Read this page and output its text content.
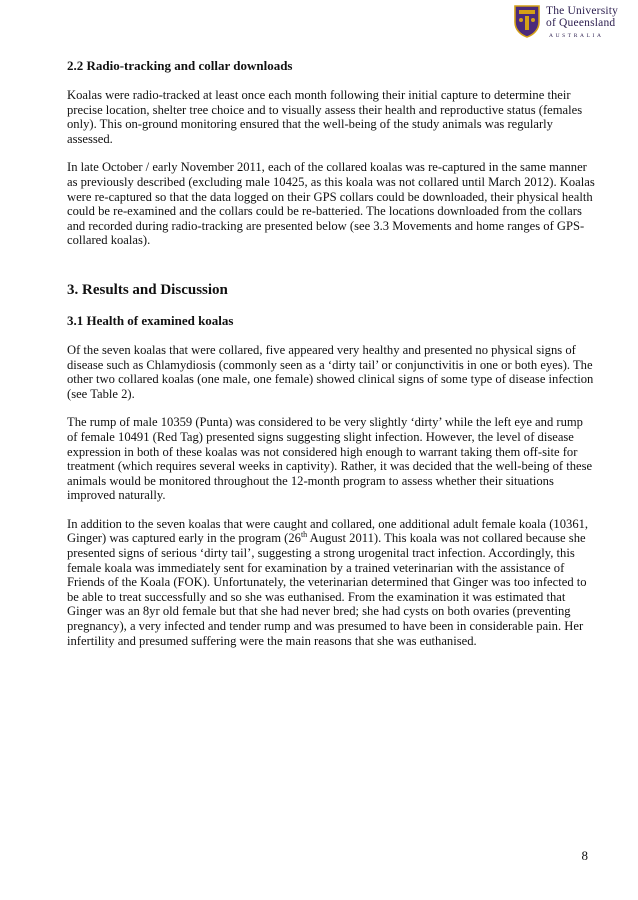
The University
of Queensland
AUSTRALIA
2.2 Radio-tracking and collar downloads

Koalas were radio-tracked at least once each month following their initial capture to determine their precise location, shelter tree choice and to visually assess their health and reproductive status (females only). This on-ground monitoring ensured that the well-being of the study animals was regularly assessed.

In late October / early November 2011, each of the collared koalas was re-captured in the same manner as previously described (excluding male 10425, as this koala was not collared until March 2012). Koalas were re-captured so that the data logged on their GPS collars could be downloaded, their physical health could be re-examined and the collars could be re-batteried. The locations downloaded from the collars and recorded during radio-tracking are presented below (see 3.3 Movements and home ranges of GPS-collared koalas).

3. Results and Discussion
3.1 Health of examined koalas

Of the seven koalas that were collared, five appeared very healthy and presented no physical signs of disease such as Chlamydiosis (commonly seen as a ‘dirty tail’ or conjunctivitis in one or both eyes). The other two collared koalas (one male, one female) showed clinical signs of some type of disease infection (see Table 2).

The rump of male 10359 (Punta) was considered to be very slightly ‘dirty’ while the left eye and rump of female 10491 (Red Tag) presented signs suggesting slight infection. However, the level of disease expression in both of these koalas was not considered high enough to warrant taking them off-site for treatment (which requires several weeks in captivity). Rather, it was decided that the well-being of these animals would be monitored throughout the 12-month program to assess whether their situations improved naturally.

In addition to the seven koalas that were caught and collared, one additional adult female koala (10361, Ginger) was captured early in the program (26th August 2011). This koala was not collared because she presented signs of serious ‘dirty tail’, suggesting a strong urogenital tract infection. Accordingly, this female koala was immediately sent for examination by a trained veterinarian with the assistance of Friends of the Koala (FOK). Unfortunately, the veterinarian determined that Ginger was too infected to be able to treat successfully and so she was euthanised. From the examination it was estimated that Ginger was an 8yr old female but that she had never bred; she had cysts on both ovaries (preventing pregnancy), a very infected and tender rump and was presumed to have been in considerable pain. Her infertility and presumed suffering were the main reasons that she was euthanised.

8
